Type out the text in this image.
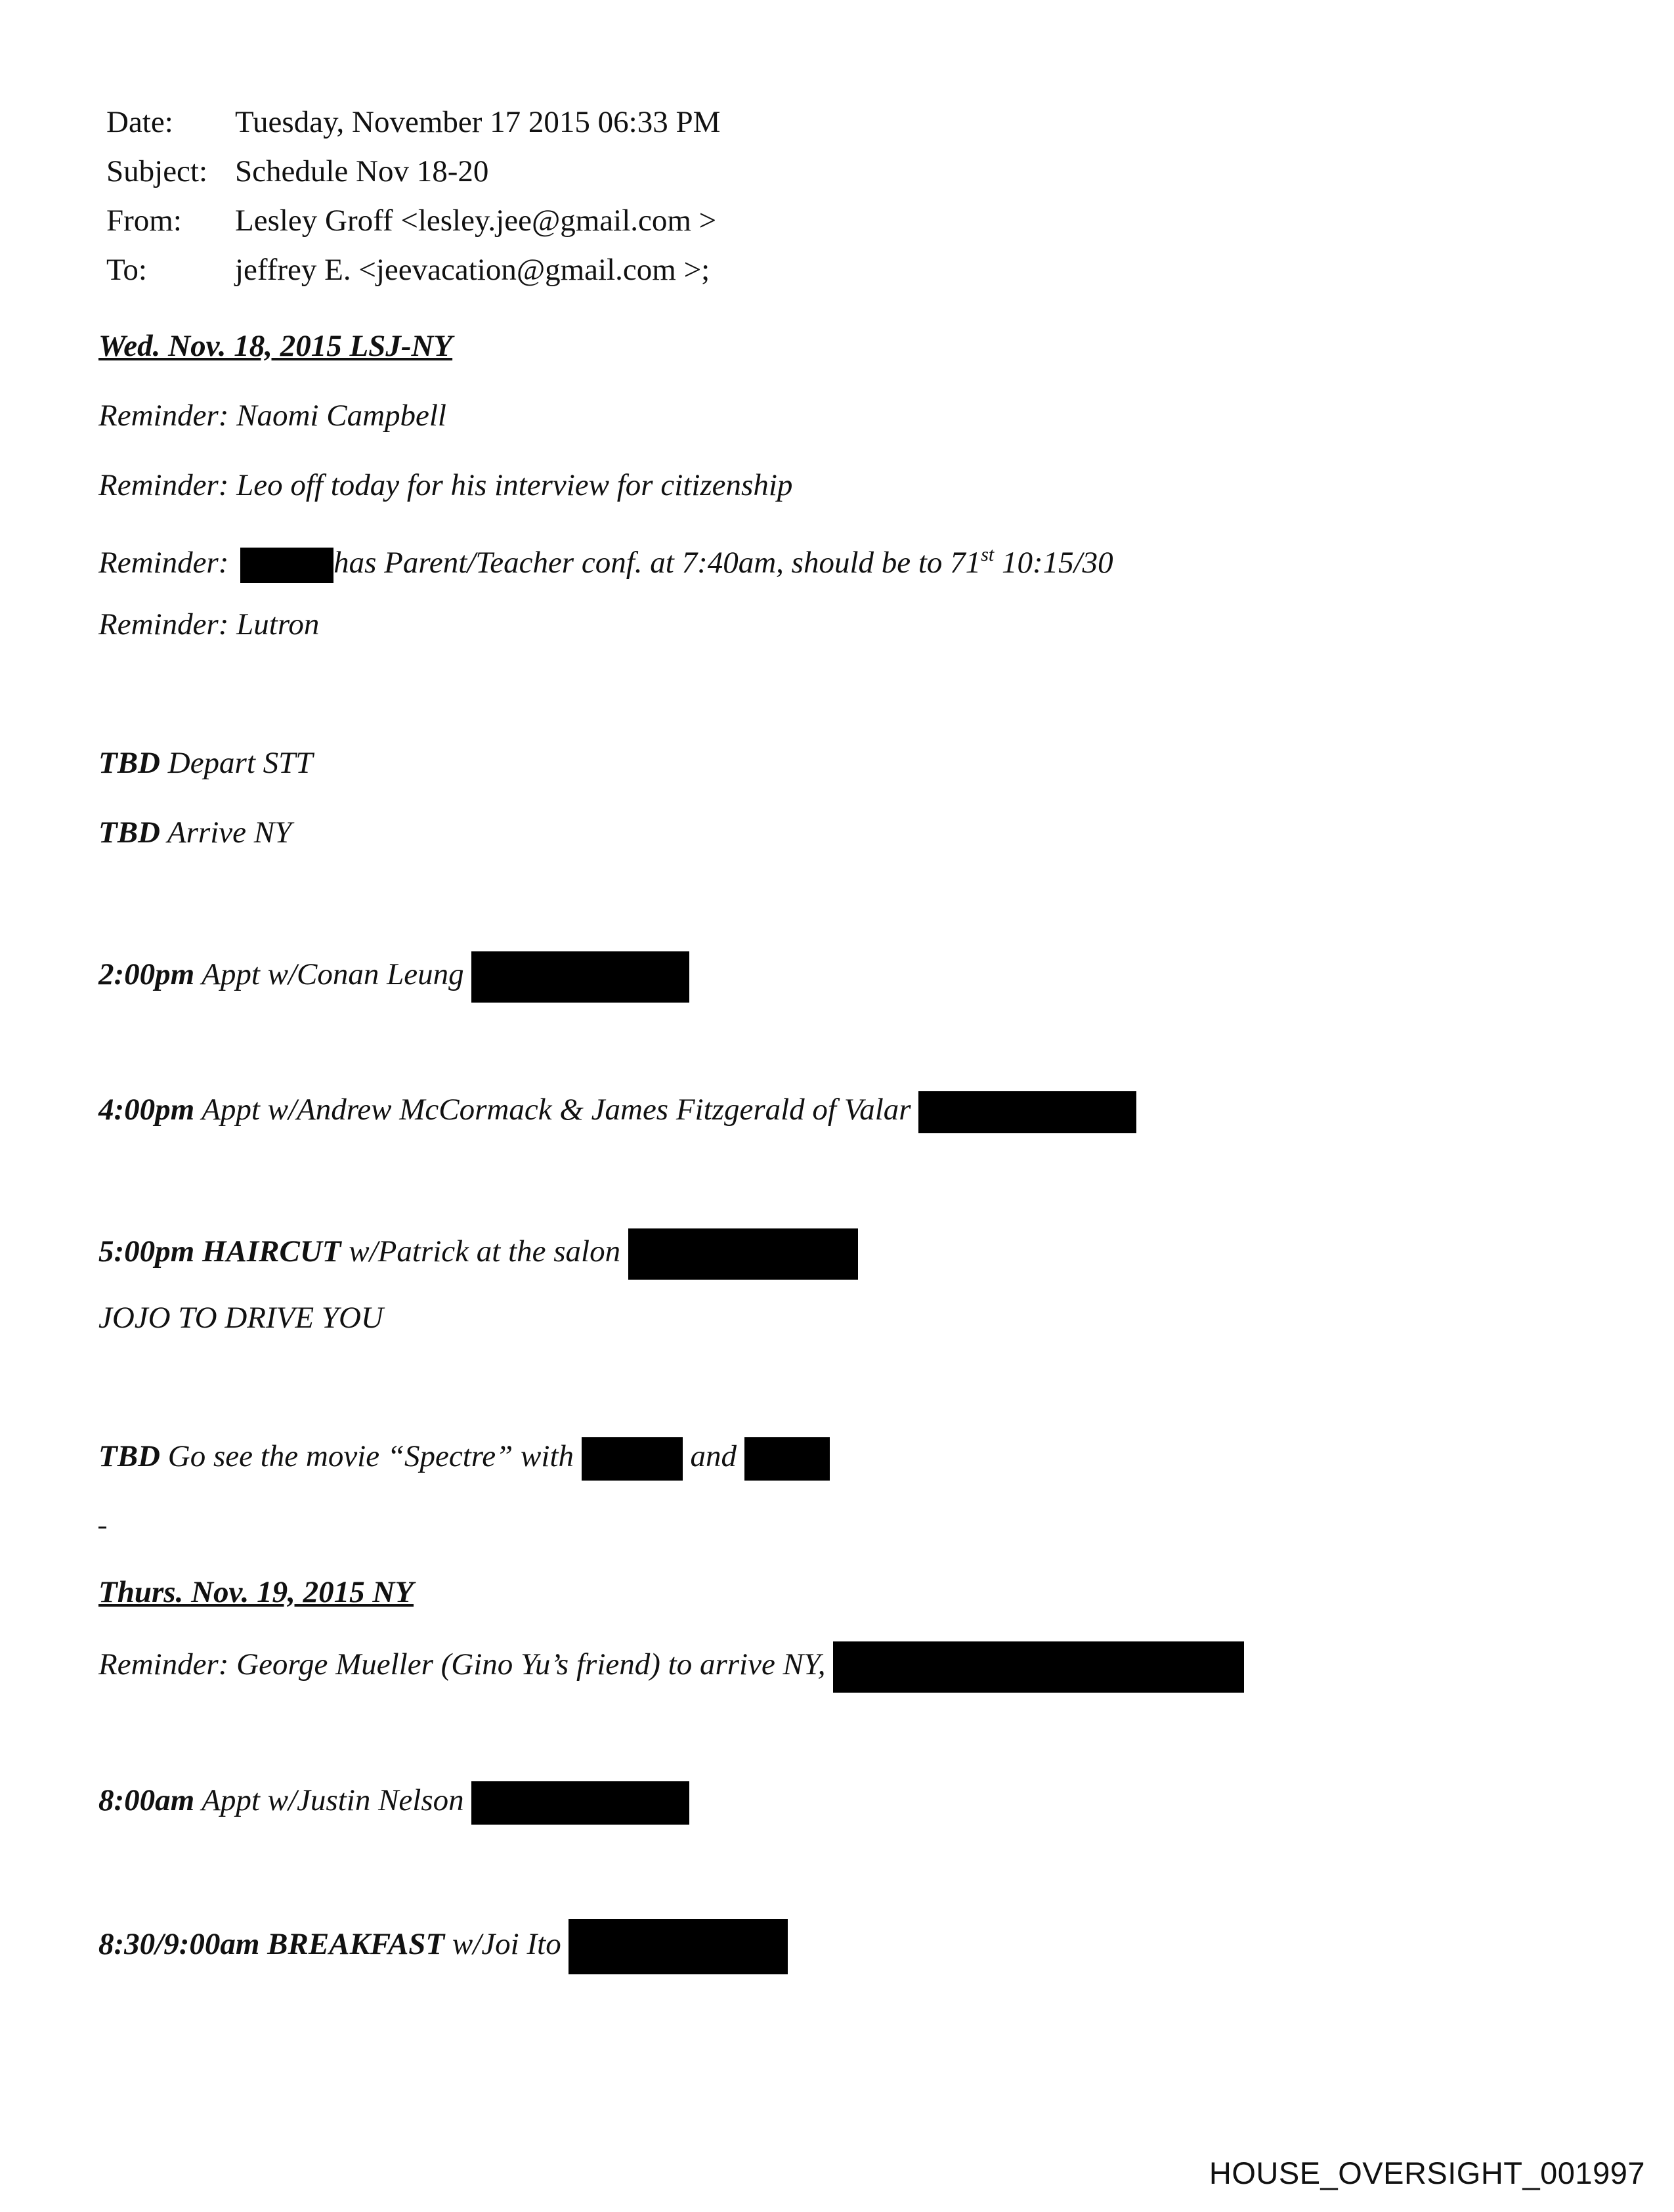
Date: Tuesday, November 17 2015 06:33 PM
Subject: Schedule Nov 18-20
From: Lesley Groff <lesley.jee@gmail.com >
To:	jeffrey E. <jeevacation@gmail.com >;
Wed. Nov. 18, 2015 LSJ-NY
Reminder: Naomi Campbell
Reminder: Leo off today for his interview for citizenship
Reminder:	has Parent/Teacher conf. at 7:40am, should be to 71st 10:15/30
Reminder: Lutron
TBD Depart STT
TBD Arrive NY
2:00pm Appt w/Conan Leung
4:00pm Appt w/Andrew McCormack & James Fitzgerald of Valar
5:00pm HAIRCUT w/Patrick at the salon
JOJO TO DRIVE YOU
TBD Go see the movie “Spectre” with	and
Thurs. Nov. 19, 2015 NY
Reminder: George Mueller (Gino Yu’s friend) to arrive NY,
8:00am Appt w/Justin Nelson
8:30/9:00am BREAKFAST w/Joi Ito
HOUSE_OVERSIGHT_001997
